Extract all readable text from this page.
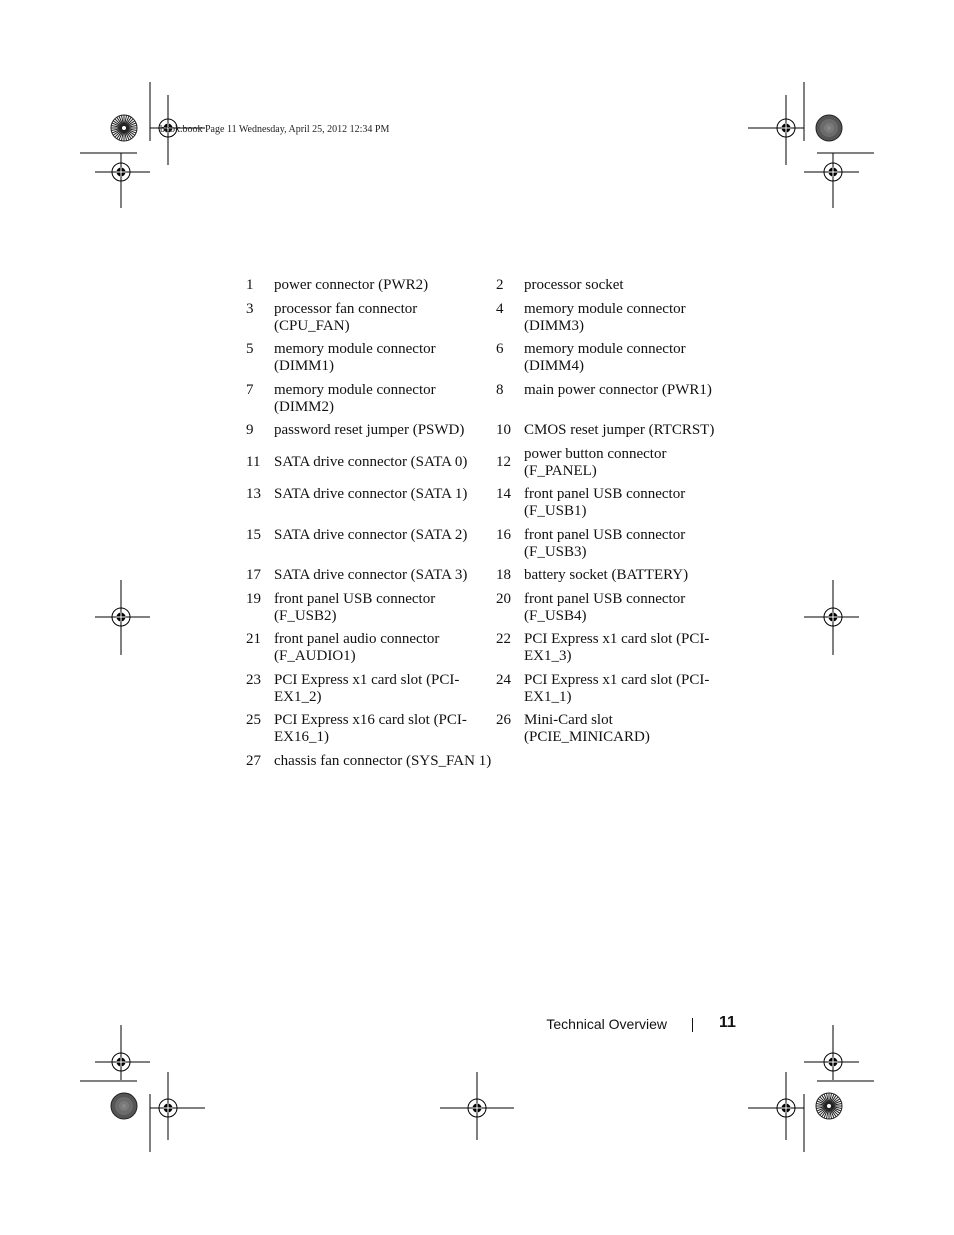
book.book Page 11 Wednesday, April 25, 2012 12:34 PM
1	power connector (PWR2)	2	processor socket
3	processor fan connector (CPU_FAN)	4	memory module connector (DIMM3)
5	memory module connector (DIMM1)	6	memory module connector (DIMM4)
7	memory module connector (DIMM2)	8	main power connector (PWR1)
9	password reset jumper (PSWD)	10	CMOS reset jumper (RTCRST)
11	SATA drive connector (SATA 0)	12	power button connector (F_PANEL)
13	SATA drive connector (SATA 1)	14	front panel USB connector (F_USB1)
15	SATA drive connector (SATA 2)	16	front panel USB connector (F_USB3)
17	SATA drive connector (SATA 3)	18	battery socket (BATTERY)
19	front panel USB connector (F_USB2)	20	front panel USB connector (F_USB4)
21	front panel audio connector (F_AUDIO1)	22	PCI Express x1 card slot (PCI-EX1_3)
23	PCI Express x1 card slot (PCI-EX1_2)	24	PCI Express x1 card slot (PCI-EX1_1)
25	PCI Express x16 card slot (PCI-EX16_1)	26	Mini-Card slot (PCIE_MINICARD)
27	chassis fan connector (SYS_FAN 1)		
Technical Overview	11
